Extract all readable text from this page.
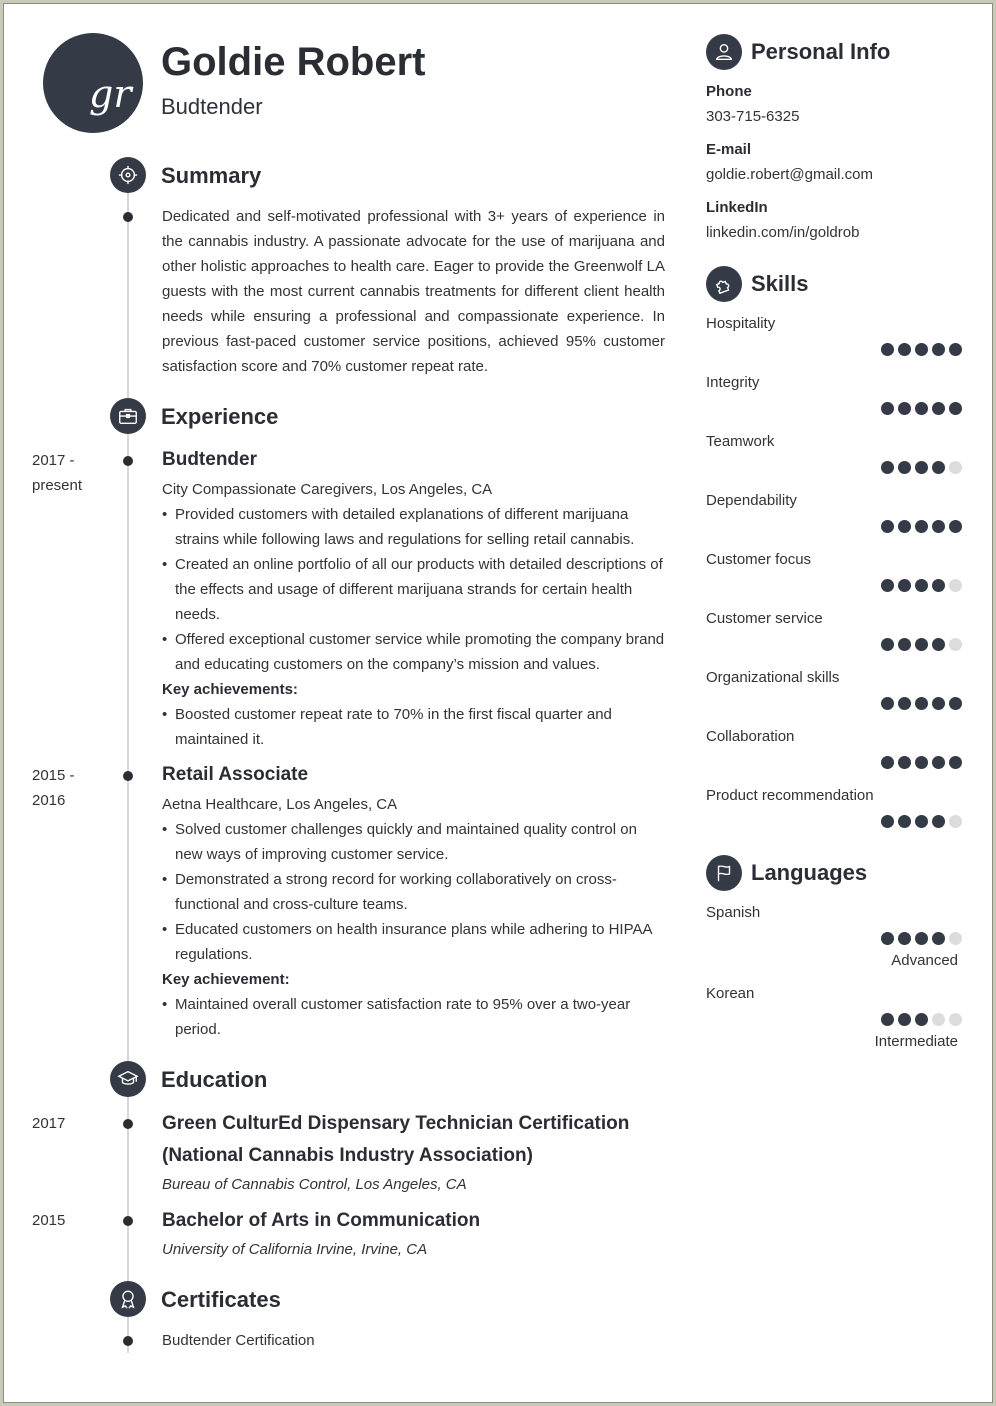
gr
Goldie Robert
Budtender
Summary
Dedicated and self-motivated professional with 3+ years of experience in the cannabis industry. A passionate advocate for the use of marijuana and other holistic approaches to health care. Eager to provide the Greenwolf LA guests with the most current cannabis treatments for different client health needs while ensuring a professional and compassionate experience. In previous fast-paced customer service positions, achieved 95% customer satisfaction score and 70% customer repeat rate.
Experience
2017 -
present
Budtender
City Compassionate Caregivers, Los Angeles, CA
• Provided customers with detailed explanations of different marijuana strains while following laws and regulations for selling retail cannabis.
• Created an online portfolio of all our products with detailed descriptions of the effects and usage of different marijuana strands for certain health needs.
• Offered exceptional customer service while promoting the company brand and educating customers on the company’s mission and values.
Key achievements:
• Boosted customer repeat rate to 70% in the first fiscal quarter and maintained it.
2015 -
2016
Retail Associate
Aetna Healthcare, Los Angeles, CA
• Solved customer challenges quickly and maintained quality control on new ways of improving customer service.
• Demonstrated a strong record for working collaboratively on cross-functional and cross-culture teams.
• Educated customers on health insurance plans while adhering to HIPAA regulations.
Key achievement:
• Maintained overall customer satisfaction rate to 95% over a two-year period.
Education
2017	Green CulturEd Dispensary Technician Certification (National Cannabis Industry Association)
Bureau of Cannabis Control, Los Angeles, CA
2015	Bachelor of Arts in Communication
University of California Irvine, Irvine, CA
Certificates
Budtender Certification
Personal Info
Phone
303-715-6325
E-mail
goldie.robert@gmail.com
LinkedIn
linkedin.com/in/goldrob
Skills
Hospitality
Integrity
Teamwork
Dependability
Customer focus
Customer service
Organizational skills
Collaboration
Product recommendation
Languages
Spanish
Advanced
Korean
Intermediate
